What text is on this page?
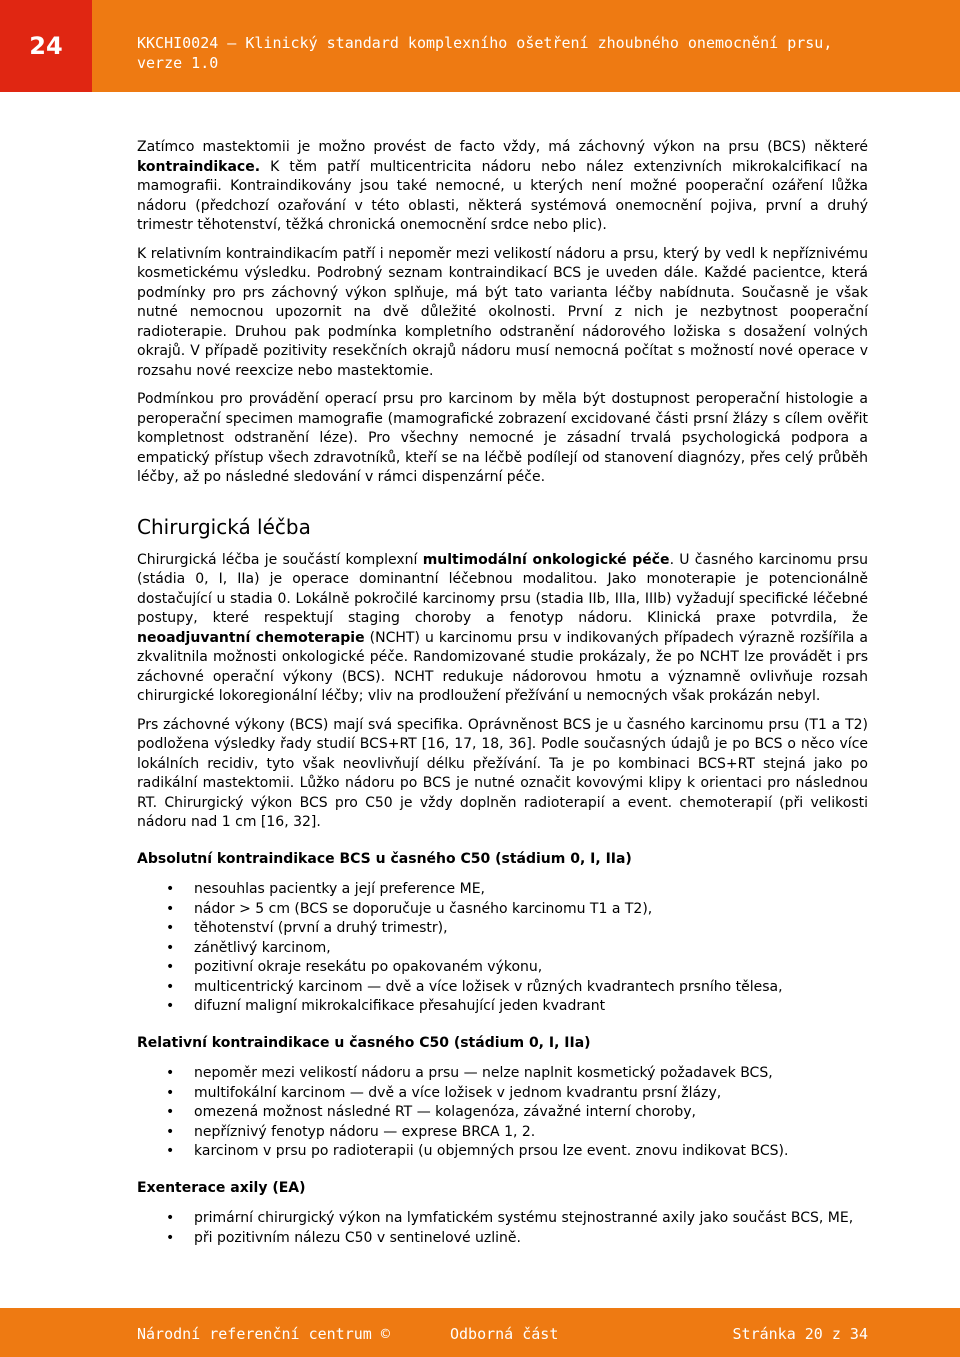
24	KKCHI0024 — Klinický standard komplexního ošetření zhoubného onemocnění prsu, verze 1.0

Zatímco mastektomii je možno provést de facto vždy, má záchovný výkon na prsu (BCS) některé kontraindikace. K těm patří multicentricita nádoru nebo nález extenzivních mikrokalcifikací na mamografii. Kontraindikovány jsou také nemocné, u kterých není možné pooperační ozáření lůžka nádoru (předchozí ozařování v této oblasti, některá systémová onemocnění pojiva, první a druhý trimestr těhotenství, těžká chronická onemocnění srdce nebo plic).

K relativním kontraindikacím patří i nepoměr mezi velikostí nádoru a prsu, který by vedl k nepříznivému kosmetickému výsledku. Podrobný seznam kontraindikací BCS je uveden dále. Každé pacientce, která podmínky pro prs záchovný výkon splňuje, má být tato varianta léčby nabídnuta. Současně je však nutné nemocnou upozornit na dvě důležité okolnosti. První z nich je nezbytnost pooperační radioterapie. Druhou pak podmínka kompletního odstranění nádorového ložiska s dosažení volných okrajů. V případě pozitivity resekčních okrajů nádoru musí nemocná počítat s možností nové operace v rozsahu nové reexcize nebo mastektomie.

Podmínkou pro provádění operací prsu pro karcinom by měla být dostupnost peroperační histologie a peroperační specimen mamografie (mamografické zobrazení excidované části prsní žlázy s cílem ověřit kompletnost odstranění léze). Pro všechny nemocné je zásadní trvalá psychologická podpora a empatický přístup všech zdravotníků, kteří se na léčbě podílejí od stanovení diagnózy, přes celý průběh léčby, až po následné sledování v rámci dispenzární péče.

Chirurgická léčba

Chirurgická léčba je součástí komplexní multimodální onkologické péče. U časného karcinomu prsu (stádia 0, I, IIa) je operace dominantní léčebnou modalitou. Jako monoterapie je potencionálně dostačující u stadia 0. Lokálně pokročilé karcinomy prsu (stadia IIb, IIIa, IIIb) vyžadují specifické léčebné postupy, které respektují staging choroby a fenotyp nádoru. Klinická praxe potvrdila, že neoadjuvantní chemoterapie (NCHT) u karcinomu prsu v indikovaných případech výrazně rozšířila a zkvalitnila možnosti onkologické péče. Randomizované studie prokázaly, že po NCHT lze provádět i prs záchovné operační výkony (BCS). NCHT redukuje nádorovou hmotu a významně ovlivňuje rozsah chirurgické lokoregionální léčby; vliv na prodloužení přežívání u nemocných však prokázán nebyl.

Prs záchovné výkony (BCS) mají svá specifika. Oprávněnost BCS je u časného karcinomu prsu (T1 a T2) podložena výsledky řady studií BCS+RT [16, 17, 18, 36]. Podle současných údajů je po BCS o něco více lokálních recidiv, tyto však neovlivňují délku přežívání. Ta je po kombinaci BCS+RT stejná jako po radikální mastektomii. Lůžko nádoru po BCS je nutné označit kovovými klipy k orientaci pro následnou RT. Chirurgický výkon BCS pro C50 je vždy doplněn radioterapií a event. chemoterapií (při velikosti nádoru nad 1 cm [16, 32].

Absolutní kontraindikace BCS u časného C50 (stádium 0, I, IIa)
• nesouhlas pacientky a její preference ME,
• nádor > 5 cm (BCS se doporučuje u časného karcinomu T1 a T2),
• těhotenství (první a druhý trimestr),
• zánětlivý karcinom,
• pozitivní okraje resekátu po opakovaném výkonu,
• multicentrický karcinom — dvě a více ložisek v různých kvadrantech prsního tělesa,
• difuzní maligní mikrokalcifikace přesahující jeden kvadrant
Relativní kontraindikace u časného C50 (stádium 0, I, IIa)
• nepoměr mezi velikostí nádoru a prsu — nelze naplnit kosmetický požadavek BCS,
• multifokální karcinom — dvě a více ložisek v jednom kvadrantu prsní žlázy,
• omezená možnost následné RT — kolagenóza, závažné interní choroby,
• nepříznivý fenotyp nádoru — exprese BRCA 1, 2.
• karcinom v prsu po radioterapii (u objemných prsou lze event. znovu indikovat BCS).
Exenterace axily (EA)
• primární chirurgický výkon na lymfatickém systému stejnostranné axily jako součást BCS, ME,
• při pozitivním nálezu C50 v sentinelové uzlině.
Národní referenční centrum ©	Odborná část	Stránka 20 z 34
